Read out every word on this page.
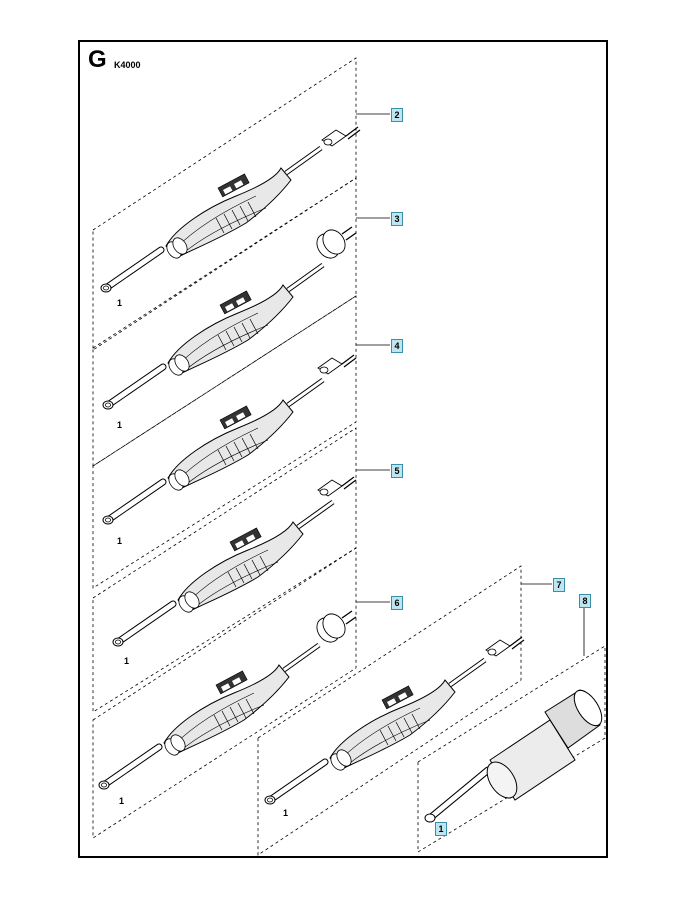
G K4000
2
3
4
5
6
7
8
1
1
1
1
1
1
1
